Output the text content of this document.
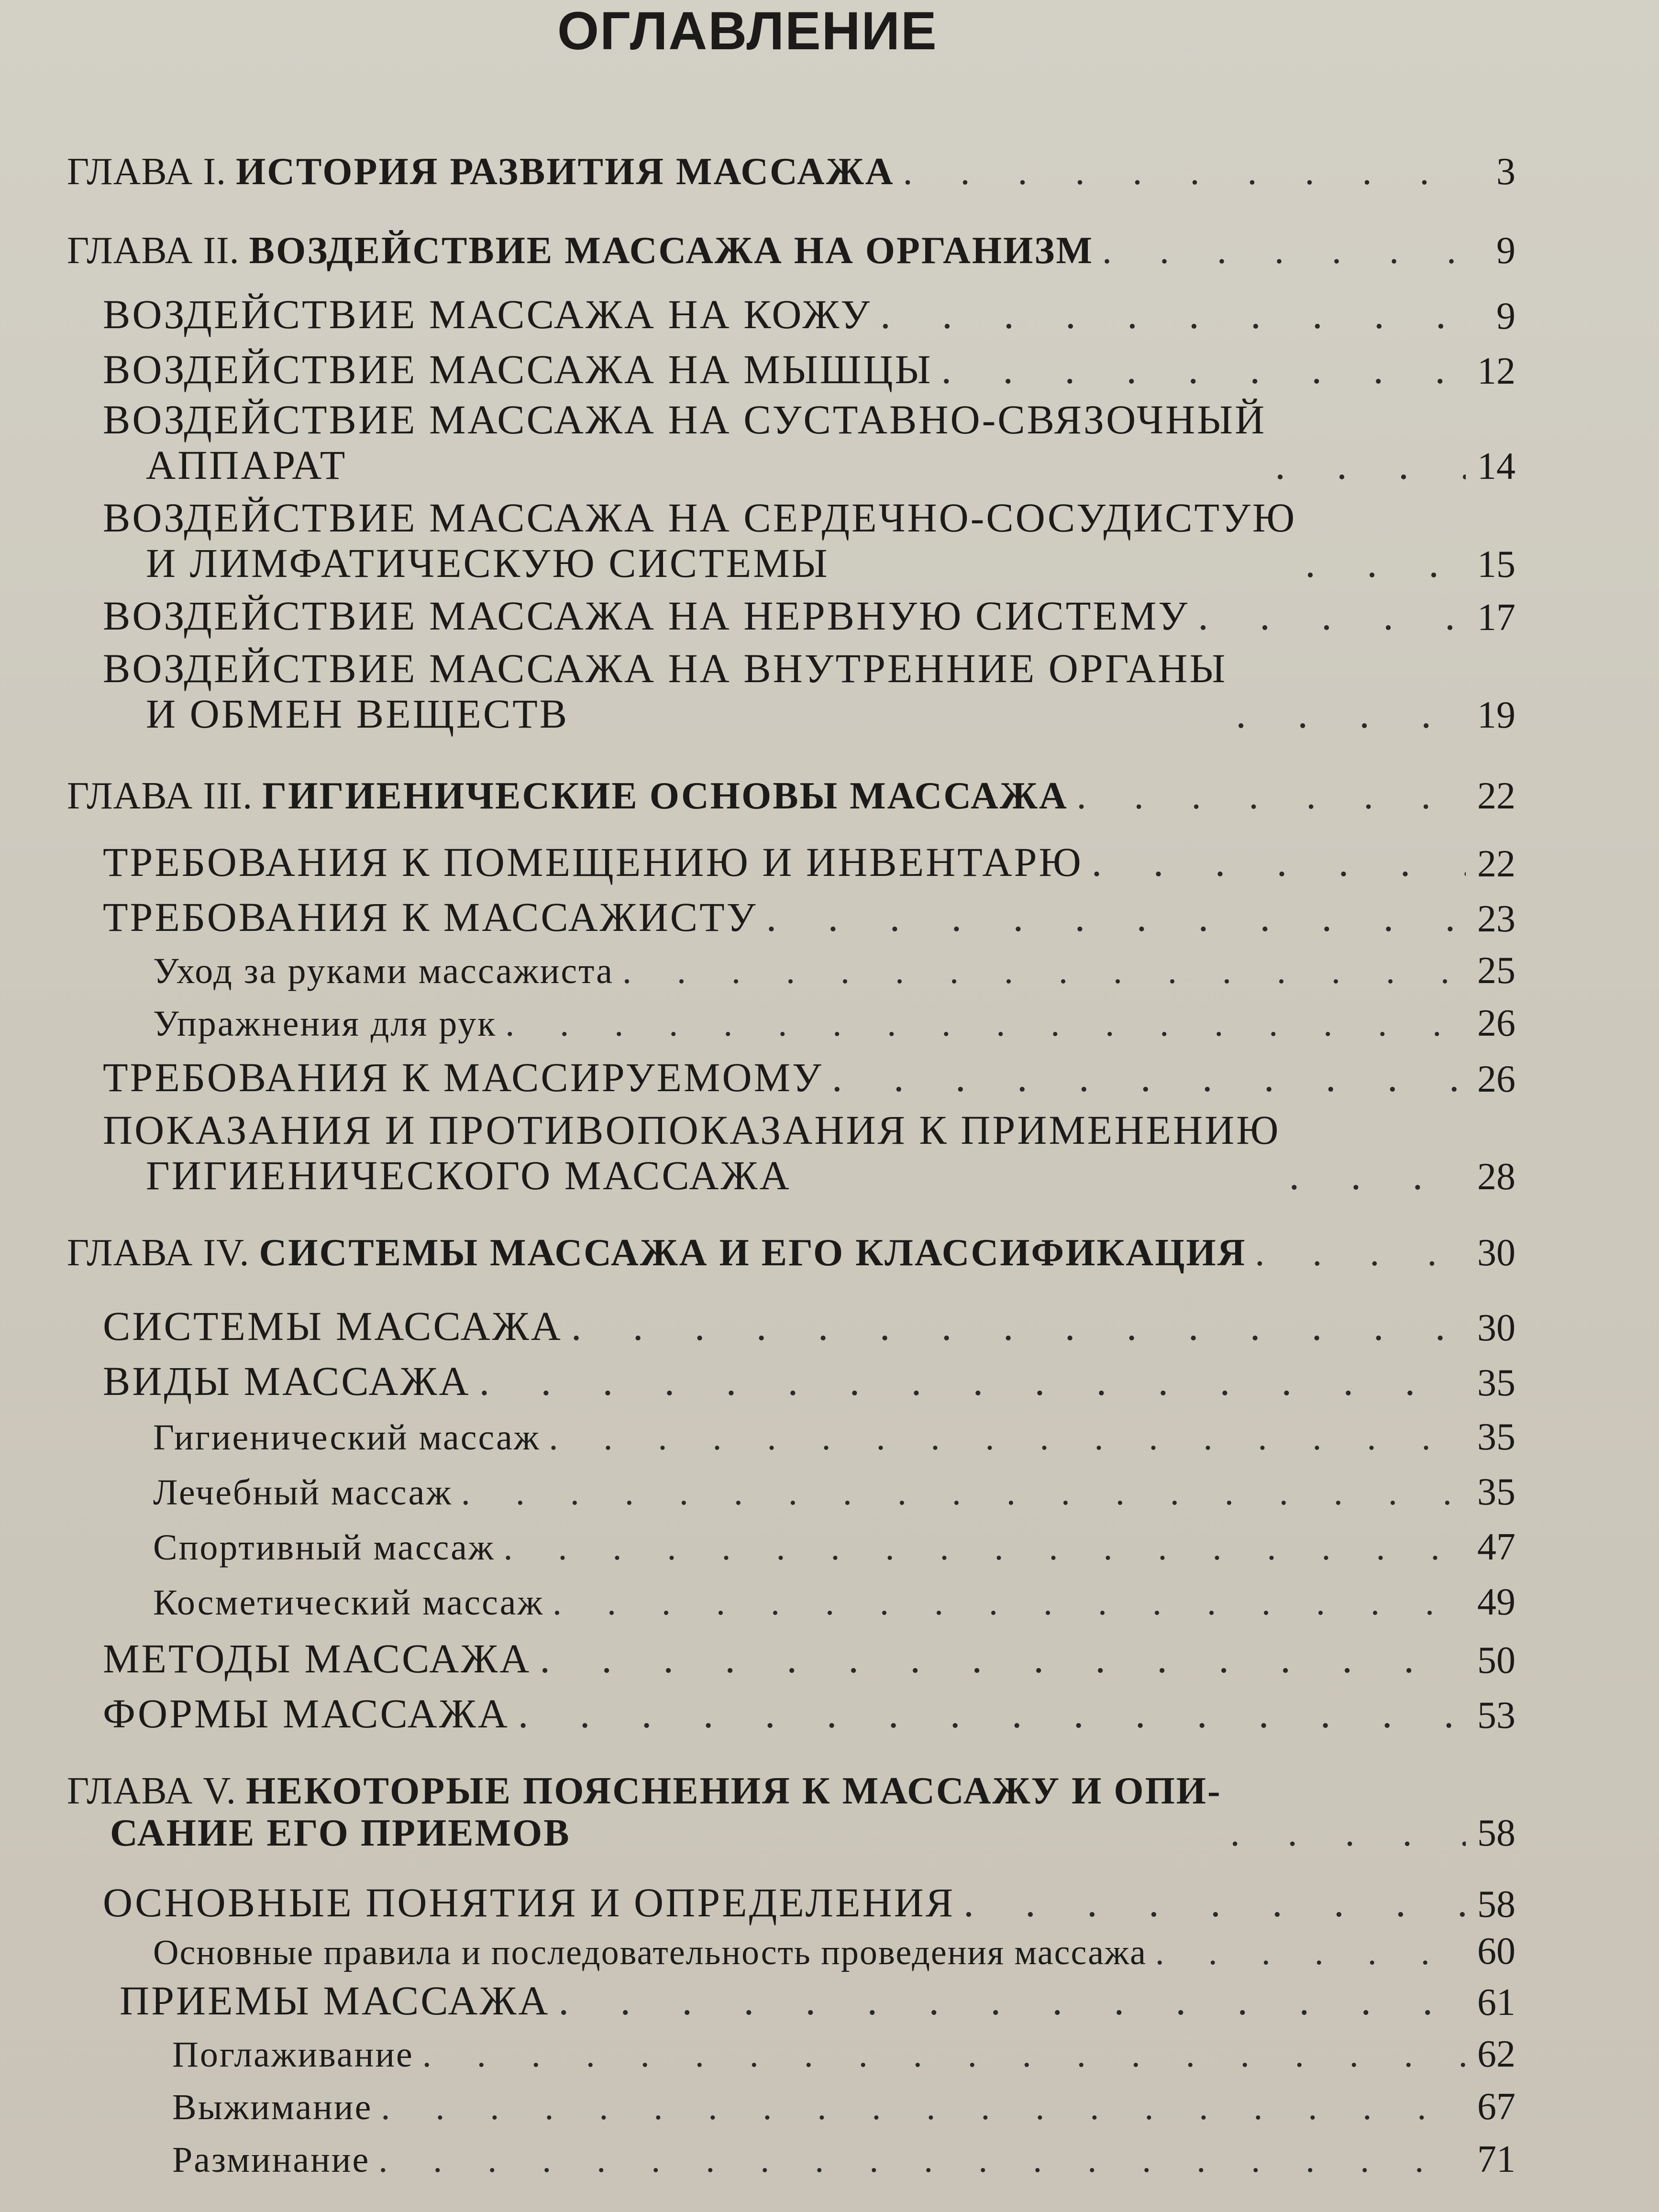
ОГЛАВЛЕНИЕ
ГЛАВА I. ИСТОРИЯ РАЗВИТИЯ МАССАЖА . . .	3
ГЛАВА II. ВОЗДЕЙСТВИЕ МАССАЖА НА ОРГАНИЗМ . . .	9
ВОЗДЕЙСТВИЕ МАССАЖА НА КОЖУ . . .	9
ВОЗДЕЙСТВИЕ МАССАЖА НА МЫШЦЫ . . .	12
ВОЗДЕЙСТВИЕ МАССАЖА НА СУСТАВНО-СВЯЗОЧНЫЙ
АППАРАТ . . .	14
ВОЗДЕЙСТВИЕ МАССАЖА НА СЕРДЕЧНО-СОСУДИСТУЮ
И ЛИМФАТИЧЕСКУЮ СИСТЕМЫ . . .	15
ВОЗДЕЙСТВИЕ МАССАЖА НА НЕРВНУЮ СИСТЕМУ . . .	17
ВОЗДЕЙСТВИЕ МАССАЖА НА ВНУТРЕННИЕ ОРГАНЫ
И ОБМЕН ВЕЩЕСТВ . . .	19
ГЛАВА III. ГИГИЕНИЧЕСКИЕ ОСНОВЫ МАССАЖА . . .	22
ТРЕБОВАНИЯ К ПОМЕЩЕНИЮ И ИНВЕНТАРЮ . . .	22
ТРЕБОВАНИЯ К МАССАЖИСТУ . . .	23
Уход за руками массажиста . . .	25
Упражнения для рук . . .	26
ТРЕБОВАНИЯ К МАССИРУЕМОМУ . . .	26
ПОКАЗАНИЯ И ПРОТИВОПОКАЗАНИЯ К ПРИМЕНЕНИЮ
ГИГИЕНИЧЕСКОГО МАССАЖА . . .	28
ГЛАВА IV. СИСТЕМЫ МАССАЖА И ЕГО КЛАССИФИКАЦИЯ . . .	30
СИСТЕМЫ МАССАЖА . . .	30
ВИДЫ МАССАЖА . . .	35
Гигиенический массаж . . .	35
Лечебный массаж . . .	35
Спортивный массаж . . .	47
Косметический массаж . . .	49
МЕТОДЫ МАССАЖА . . .	50
ФОРМЫ МАССАЖА . . .	53
ГЛАВА V. НЕКОТОРЫЕ ПОЯСНЕНИЯ К МАССАЖУ И ОПИ-
САНИЕ ЕГО ПРИЕМОВ . . .	58
ОСНОВНЫЕ ПОНЯТИЯ И ОПРЕДЕЛЕНИЯ . . .	58
Основные правила и последовательность проведения массажа . . .	60
ПРИЕМЫ МАССАЖА . . .	61
Поглаживание . . .	62
Выжимание . . .	67
Разминание . . .	71
